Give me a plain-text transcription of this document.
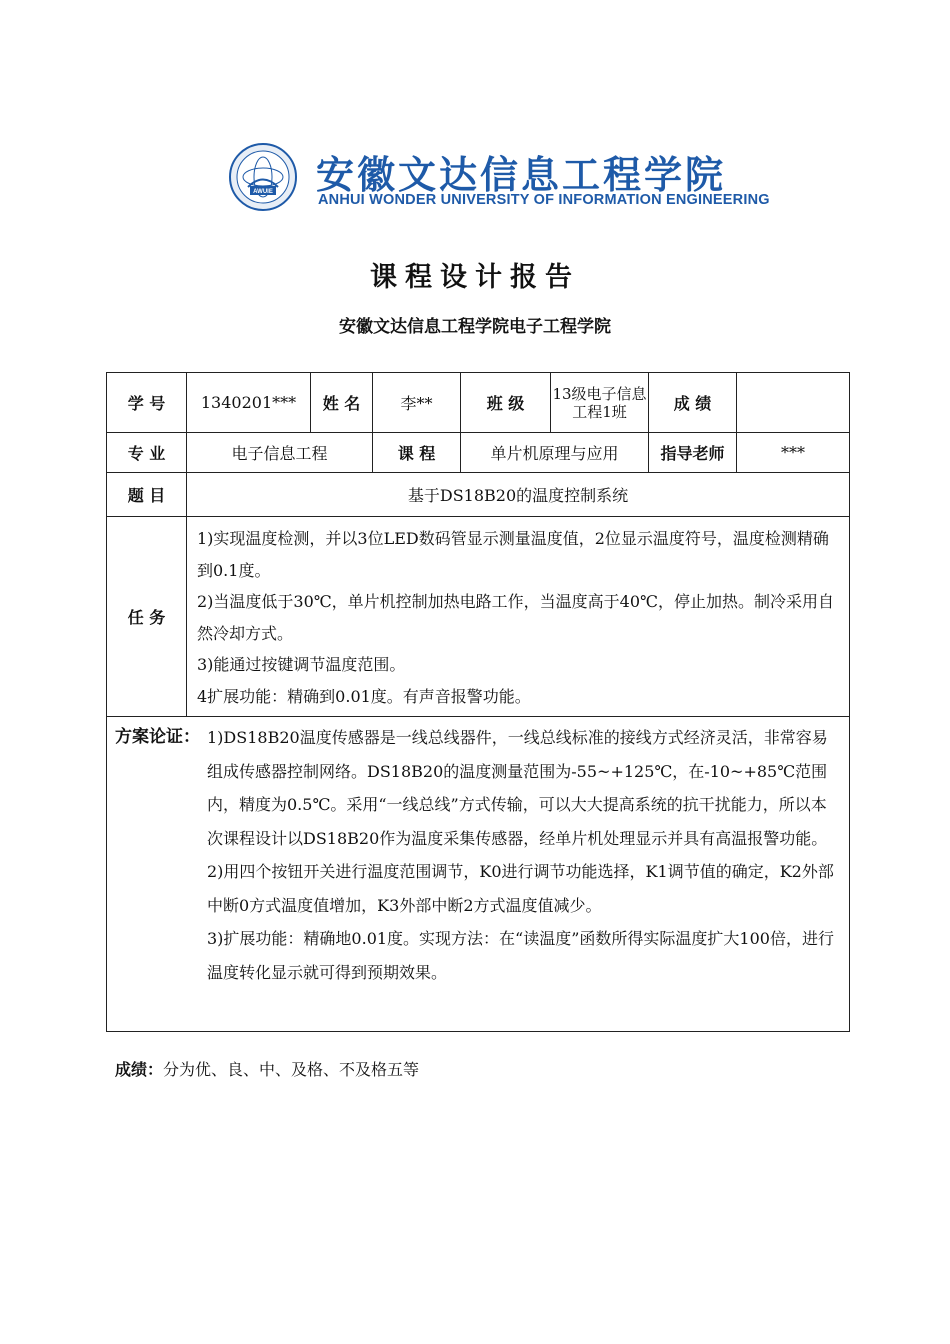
AWUIE 安徽文达信息工程学院
ANHUI WONDER UNIVERSITY OF INFORMATION ENGINEERING
课程设计报告
安徽文达信息工程学院电子工程学院
学 号	1340201***	姓 名	李**	班 级	13级电子信息工程1班	成 绩	
专 业	电子信息工程		课 程	单片机原理与应用		指导老师	***
题 目	基于DS18B20的温度控制系统						
任 务	1)实现温度检测，并以3位LED数码管显示测量温度值，2位显示温度符号，温度检测精确到0.1度。

2)当温度低于30℃，单片机控制加热电路工作，当温度高于40℃，停止加热。制冷采用自然冷却方式。

3)能通过按键调节温度范围。

4扩展功能：精确到0.01度。有声音报警功能。						

方案论证： 1)DS18B20温度传感器是一线总线器件，一线总线标准的接线方式经济灵活，非常容易组成传感器控制网络。DS18B20的温度测量范围为-55~+125℃，在-10~+85℃范围内，精度为0.5℃。采用“一线总线”方式传输，可以大大提高系统的抗干扰能力，所以本次课程设计以DS18B20作为温度采集传感器，经单片机处理显示并具有高温报警功能。

2)用四个按钮开关进行温度范围调节，K0进行调节功能选择，K1调节值的确定，K2外部中断0方式温度值增加，K3外部中断2方式温度值减少。

3)扩展功能：精确地0.01度。实现方法：在“读温度”函数所得实际温度扩大100倍，进行温度转化显示就可得到预期效果。							

成绩：分为优、良、中、及格、不及格五等
